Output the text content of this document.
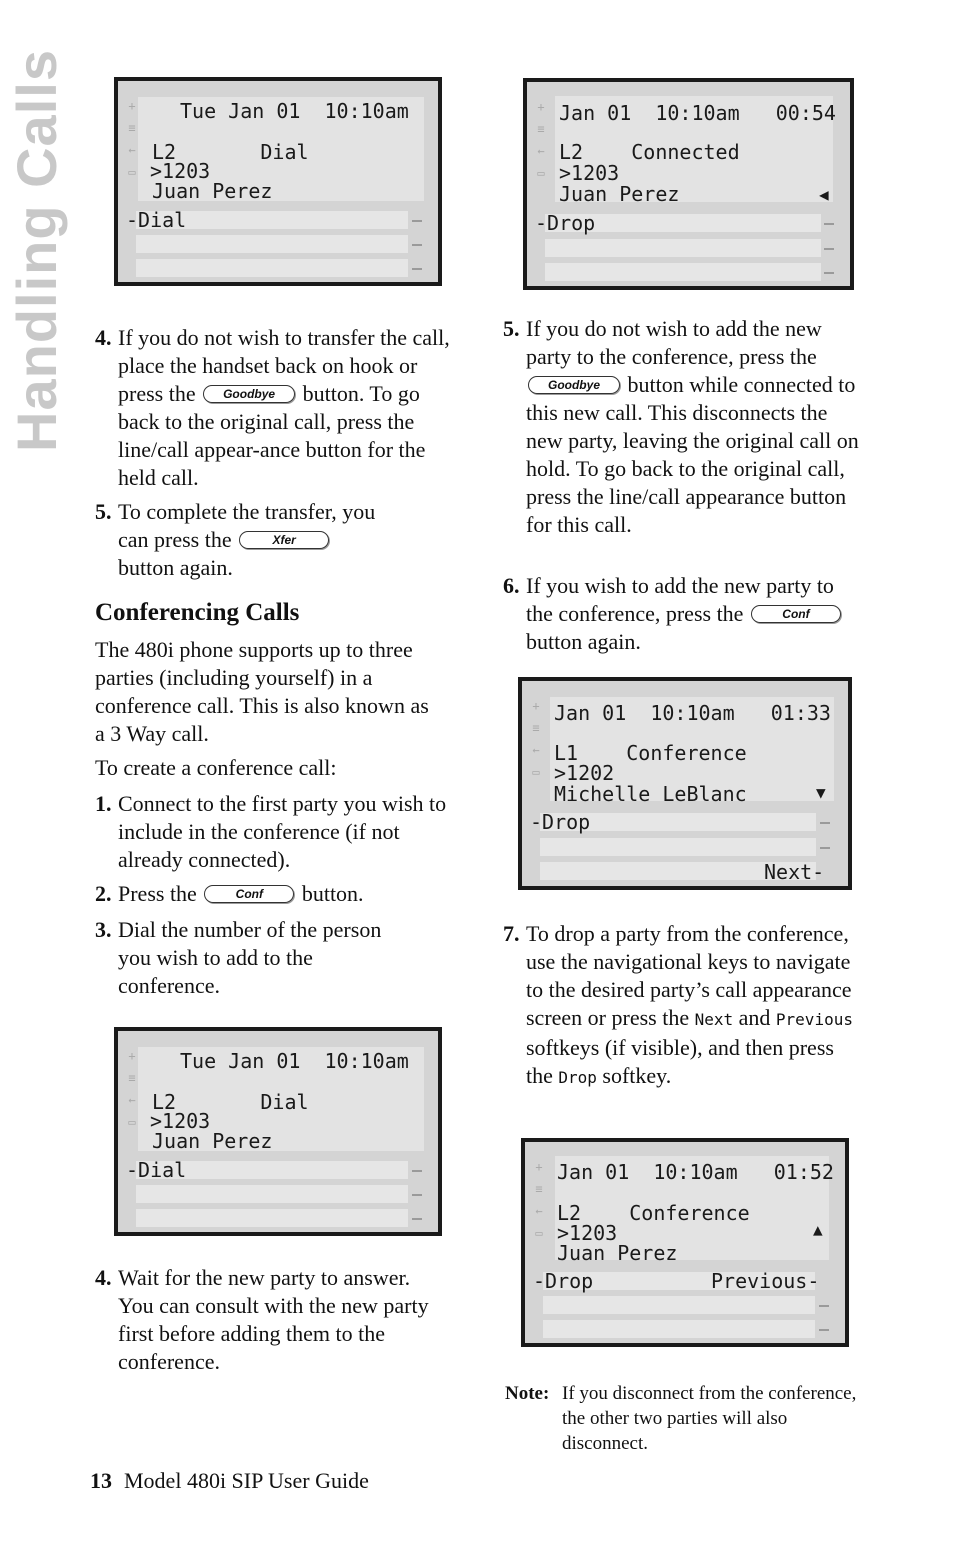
Handling Calls	+
≡
←
▭
Tue Jan 01  10:10am
L2       Dial
>1203
Juan Perez
-Dial
4. If you do not wish to transfer the call, place the handset back on hook or press the Goodbye button. To go back to the original call, press the line/call appear-ance button for the held call.
5. To complete the transfer, you can press the	Xfer button again.
Conferencing Calls
The 480i phone supports up to three parties (including yourself) in a conference call. This is also known as a 3 Way call.
To create a conference call:
1. Connect to the first party you wish to include in the conference (if not already connected).
2. Press the	Conf button.
3. Dial the number of the person you wish to add to the conference.
+
≡
←
▭
Tue Jan 01  10:10am
L2       Dial
>1203
Juan Perez
-Dial
4. Wait for the new party to answer. You can consult with the new party first before adding them to the conference.
+
≡
←
▭
Jan 01  10:10am   00:54
L2    Connected
>1203
Juan Perez	◀
-Drop
5. If you do not wish to add the new party to the conference, press the Goodbye button while connected to this new call. This disconnects the new party, leaving the original call on hold. To go back to the original call, press the line/call appearance button for this call.
6. If you wish to add the new party to the conference, press the	Conf button again.
+
≡
←
▭
Jan 01  10:10am   01:33
L1    Conference
>1202
Michelle LeBlanc	▼
-Drop
Next-
7. To drop a party from the conference, use the navigational keys to navigate to the desired party’s call appearance screen or press the Next and Previous softkeys (if visible), and then press the Drop softkey.
+
≡
←
▭
Jan 01  10:10am   01:52
L2    Conference
>1203
Juan Perez
▲
-Drop	Previous-
Note: If you disconnect from the conference, the other two parties will also disconnect.
13 Model 480i SIP User Guide
